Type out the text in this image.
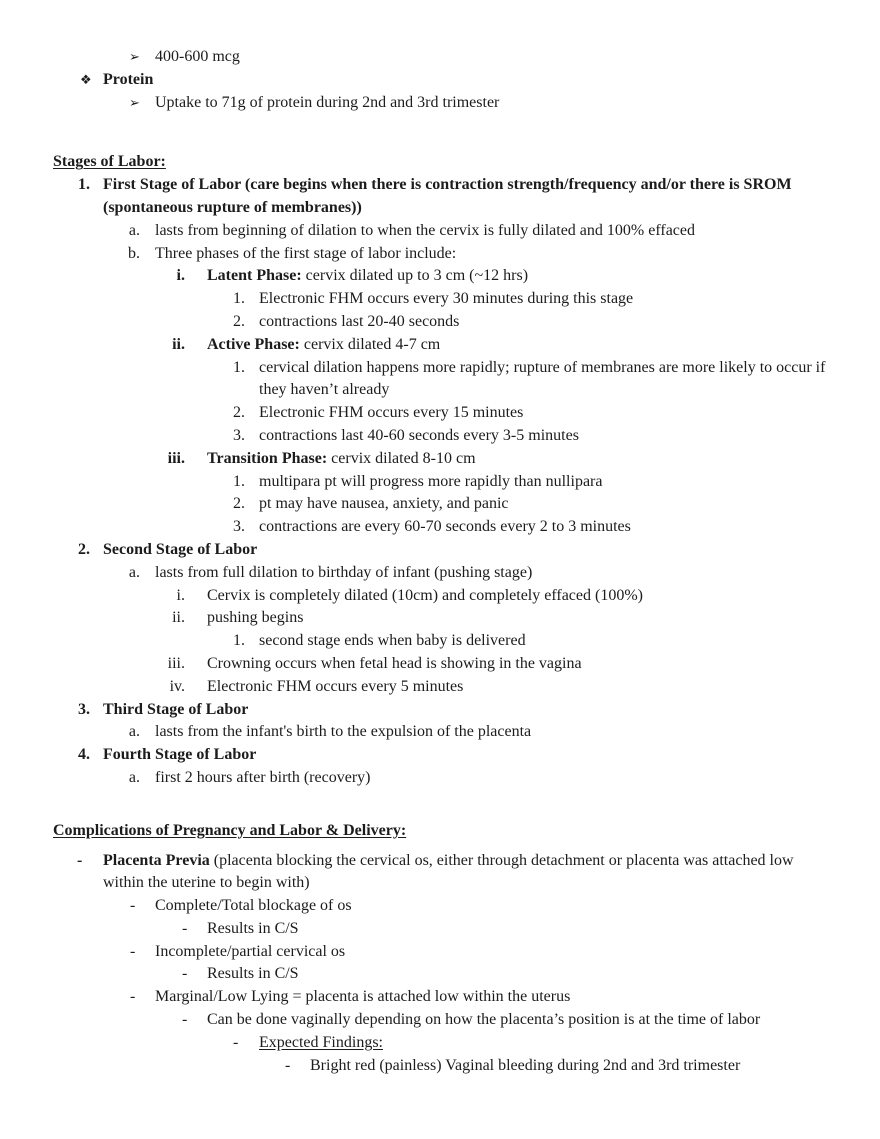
➢ 400-600 mcg
❖ Protein
➢ Uptake to 71g of protein during 2nd and 3rd trimester
Stages of Labor:
1. First Stage of Labor (care begins when there is contraction strength/frequency and/or there is SROM (spontaneous rupture of membranes))
a. lasts from beginning of dilation to when the cervix is fully dilated and 100% effaced
b. Three phases of the first stage of labor include:
i. Latent Phase: cervix dilated up to 3 cm (~12 hrs)
1. Electronic FHM occurs every 30 minutes during this stage
2. contractions last 20-40 seconds
ii. Active Phase: cervix dilated 4-7 cm
1. cervical dilation happens more rapidly; rupture of membranes are more likely to occur if they haven’t already
2. Electronic FHM occurs every 15 minutes
3. contractions last 40-60 seconds every 3-5 minutes
iii. Transition Phase: cervix dilated 8-10 cm
1. multipara pt will progress more rapidly than nullipara
2. pt may have nausea, anxiety, and panic
3. contractions are every 60-70 seconds every 2 to 3 minutes
2. Second Stage of Labor
a. lasts from full dilation to birthday of infant (pushing stage)
i. Cervix is completely dilated (10cm) and completely effaced (100%)
ii. pushing begins
1. second stage ends when baby is delivered
iii. Crowning occurs when fetal head is showing in the vagina
iv. Electronic FHM occurs every 5 minutes
3. Third Stage of Labor
a. lasts from the infant's birth to the expulsion of the placenta
4. Fourth Stage of Labor
a. first 2 hours after birth (recovery)
Complications of Pregnancy and Labor & Delivery:
- Placenta Previa (placenta blocking the cervical os, either through detachment or placenta was attached low within the uterine to begin with)
- Complete/Total blockage of os
- Results in C/S
- Incomplete/partial cervical os
- Results in C/S
- Marginal/Low Lying = placenta is attached low within the uterus
- Can be done vaginally depending on how the placenta’s position is at the time of labor
- Expected Findings:
- Bright red (painless) Vaginal bleeding during 2nd and 3rd trimester
